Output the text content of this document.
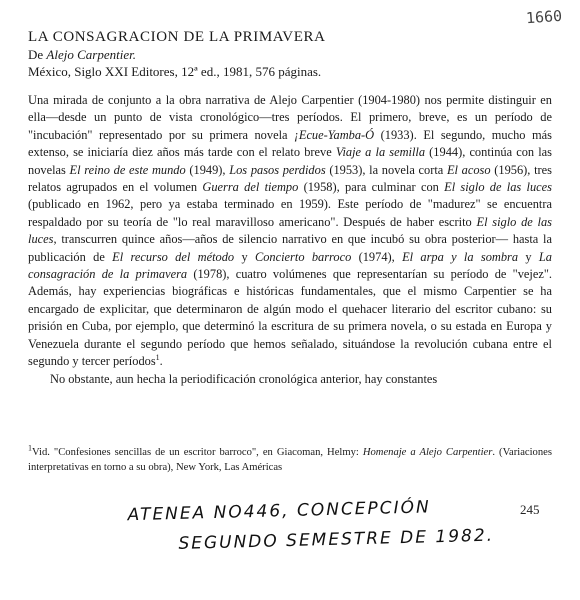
1660
LA CONSAGRACION DE LA PRIMAVERA

De Alejo Carpentier.

México, Siglo XXI Editores, 12ª ed., 1981, 576 páginas.

Una mirada de conjunto a la obra narrativa de Alejo Carpentier (1904-1980) nos permite distinguir en ella—desde un punto de vista cronológico—tres períodos. El primero, breve, es un período de "incubación" representado por su primera novela ¡Ecue-Yamba-Ó (1933). El segundo, mucho más extenso, se iniciaría diez años más tarde con el relato breve Viaje a la semilla (1944), continúa con las novelas El reino de este mundo (1949), Los pasos perdidos (1953), la novela corta El acoso (1956), tres relatos agrupados en el volumen Guerra del tiempo (1958), para culminar con El siglo de las luces (publicado en 1962, pero ya estaba terminado en 1959). Este período de "madurez" se encuentra respaldado por su teoría de "lo real maravilloso americano". Después de haber escrito El siglo de las luces, transcurren quince años—años de silencio narrativo en que incubó su obra posterior— hasta la publicación de El recurso del método y Concierto barroco (1974), El arpa y la sombra y La consagración de la primavera (1978), cuatro volúmenes que representarían su período de "vejez". Además, hay experiencias biográficas e históricas fundamentales, que el mismo Carpentier se ha encargado de explicitar, que determinaron de algún modo el quehacer literario del escritor cubano: su prisión en Cuba, por ejemplo, que determinó la escritura de su primera novela, o su estada en Europa y Venezuela durante el segundo período que hemos señalado, situándose la revolución cubana entre el segundo y tercer períodos$^1$.

No obstante, aun hecha la periodificación cronológica anterior, hay constantes

$^1$Vid. "Confesiones sencillas de un escritor barroco", en Giacoman, Helmy: Homenaje a Alejo Carpentier. (Variaciones interpretativas en torno a su obra), New York, Las Américas

ATENEA NO446, CONCEPCIÓN
SEGUNDO SEMESTRE DE 1982.
245
